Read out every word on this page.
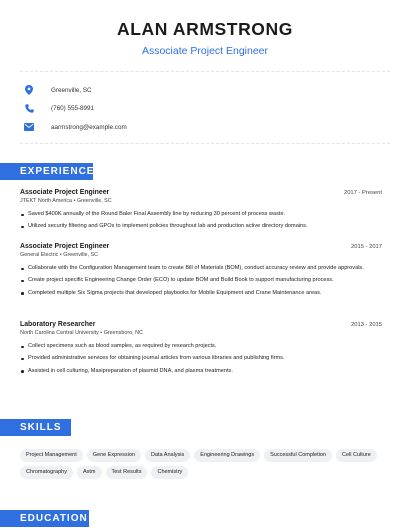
ALAN ARMSTRONG
Associate Project Engineer
Greenville, SC
(760) 555-8991
aarmstrong@example.com
EXPERIENCE
Associate Project Engineer	2017 - Present
JTEKT North America • Greenville, SC
Saved $400K annually of the Round Baler Final Assembly line by reducing 30 percent of process waste.
Utilized security filtering and GPOs to implement policies throughout lab and production active directory domains.
Associate Project Engineer	2015 - 2017
General Electric • Greenville, SC
Collaborate with the Configuration Management team to create Bill of Materials (BOM), conduct accuracy review and provide approvals.
Create project specific Engineering Change Order (ECO) to update BOM and Build Book to support manufacturing process.
Completed multiple Six Sigma projects that developed playbooks for Mobile Equipment and Crane Maintenance areas.
Laboratory Researcher	2013 - 2015
North Carolina Central University • Greensboro, NC
Collect specimens such as blood samples, as required by research projects.
Provided administrative services for obtaining journal articles from various libraries and publishing firms.
Assisted in cell culturing, Maxipreparation of plasmid DNA, and plasma treatments.
SKILLS
Project Management	Gene Expression	Data Analysis	Engineering Drawings	Successful Completion	Cell Culture
Chromatography	Astm	Test Results	Chemistry
EDUCATION
